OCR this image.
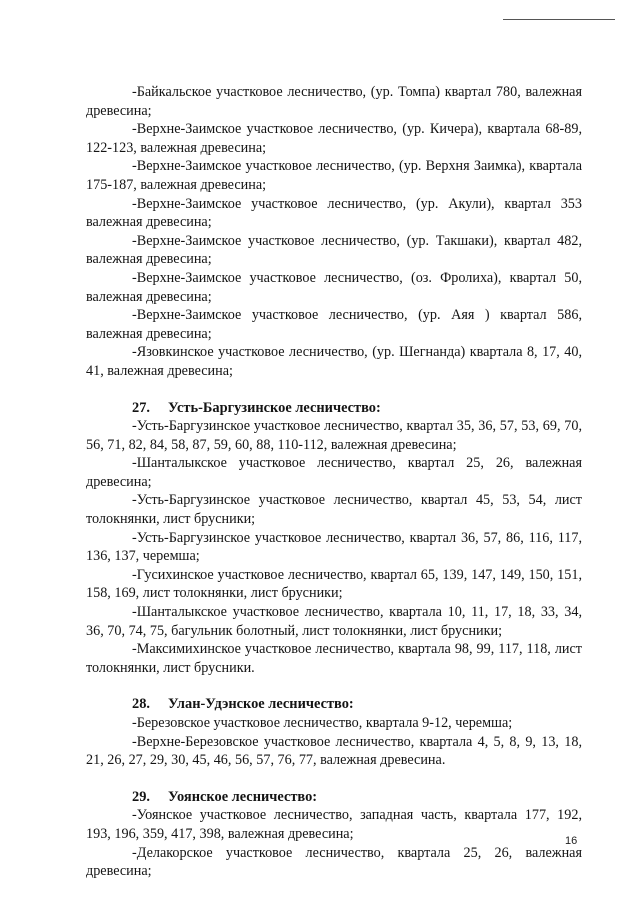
-Байкальское участковое лесничество, (ур. Томпа) квартал 780, валежная древесина;

-Верхне-Заимское участковое лесничество, (ур. Кичера), квартала 68-89, 122-123, валежная древесина;

-Верхне-Заимское участковое лесничество, (ур. Верхня Заимка), квартала 175-187, валежная древесина;

-Верхне-Заимское участковое лесничество, (ур. Акули), квартал 353 валежная древесина;

-Верхне-Заимское участковое лесничество, (ур. Такшаки), квартал 482, валежная древесина;

-Верхне-Заимское участковое лесничество, (оз. Фролиха), квартал 50, валежная древесина;

-Верхне-Заимское участковое лесничество, (ур. Аяя ) квартал 586, валежная древесина;

-Язовкинское участковое лесничество, (ур. Шегнанда) квартала 8, 17, 40, 41, валежная древесина;

27. Усть-Баргузинское лесничество:

-Усть-Баргузинское участковое лесничество, квартал 35, 36, 57, 53, 69, 70, 56, 71, 82, 84, 58, 87, 59, 60, 88, 110-112, валежная древесина;

-Шанталыкское участковое лесничество, квартал 25, 26, валежная древесина;

-Усть-Баргузинское участковое лесничество, квартал 45, 53, 54, лист толокнянки, лист брусники;

-Усть-Баргузинское участковое лесничество, квартал 36, 57, 86, 116, 117, 136, 137, черемша;

-Гусихинское участковое лесничество, квартал 65, 139, 147, 149, 150, 151, 158, 169, лист толокнянки, лист брусники;

-Шанталыкское участковое лесничество, квартала 10, 11, 17, 18, 33, 34, 36, 70, 74, 75, багульник болотный, лист толокнянки, лист брусники;

-Максимихинское участковое лесничество, квартала 98, 99, 117, 118, лист толокнянки, лист брусники.

28. Улан-Удэнское лесничество:

-Березовское участковое лесничество, квартала 9-12, черемша;

-Верхне-Березовское участковое лесничество, квартала 4, 5, 8, 9, 13, 18, 21, 26, 27, 29, 30, 45, 46, 56, 57, 76, 77, валежная древесина.

29. Уоянское лесничество:

-Уоянское участковое лесничество, западная часть, квартала 177, 192, 193, 196, 359, 417, 398, валежная древесина;

-Делакорское участковое лесничество, квартала 25, 26, валежная древесина;

16
